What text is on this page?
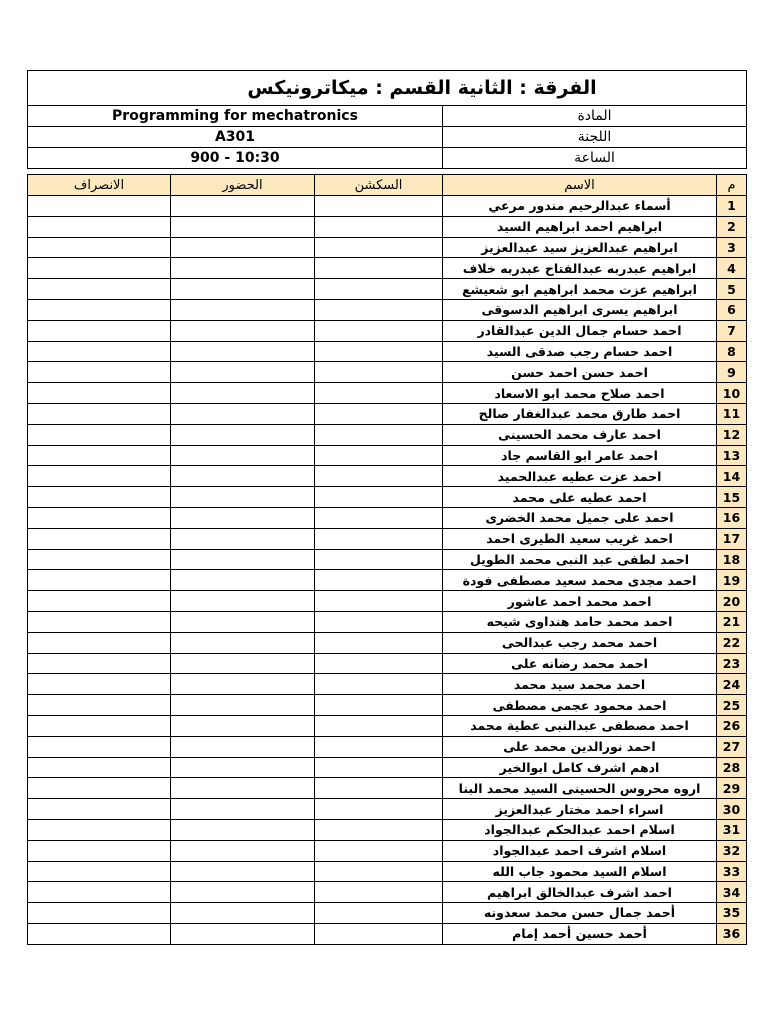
الفرقة : الثانية القسم : ميكاترونيكس	
Programming for mechatronics	المادة
A301	اللجنة
900 - 10:30	الساعة
م	الاسم	السكشن	الحضور	الانصراف
1	أسماء عبدالرحيم مندور مرعي			
2	ابراهيم احمد ابراهيم السيد			
3	ابراهيم عبدالعزيز سيد عبدالعزيز			
4	ابراهيم عبدربه عبدالفتاح عبدربه خلاف			
5	ابراهيم عزت محمد ابراهيم ابو شعيشع			
6	ابراهيم يسرى ابراهيم الدسوقى			
7	احمد حسام جمال الدين عبدالقادر			
8	احمد حسام رجب صدقى السيد			
9	احمد حسن احمد حسن			
10	احمد صلاح محمد ابو الاسعاد			
11	احمد طارق محمد عبدالغفار صالح			
12	احمد عارف محمد الحسينى			
13	احمد عامر ابو القاسم جاد			
14	احمد عزت عطيه عبدالحميد			
15	احمد عطيه على محمد			
16	احمد على جميل محمد الخضرى			
17	احمد غريب سعيد الطيرى احمد			
18	احمد لطفى عبد النبى محمد الطويل			
19	احمد مجدى محمد سعيد مصطفى فودة			
20	احمد محمد احمد عاشور			
21	احمد محمد حامد هنداوى شيحه			
22	احمد محمد رجب عبدالحى			
23	احمد محمد رضانه على			
24	احمد محمد سيد محمد			
25	احمد محمود عجمى مصطفى			
26	احمد مصطفى عبدالنبى عطية محمد			
27	احمد نورالدين محمد على			
28	ادهم اشرف كامل ابوالخير			
29	اروه محروس الحسينى السيد محمد البنا			
30	اسراء احمد مختار عبدالعزيز			
31	اسلام احمد عبدالحكم عبدالجواد			
32	اسلام اشرف احمد عبدالجواد			
33	اسلام السيد محمود جاب الله			
34	احمد اشرف عبدالخالق ابراهيم			
35	أحمد جمال حسن محمد سعدونه			
36	أحمد حسين أحمد إمام			
